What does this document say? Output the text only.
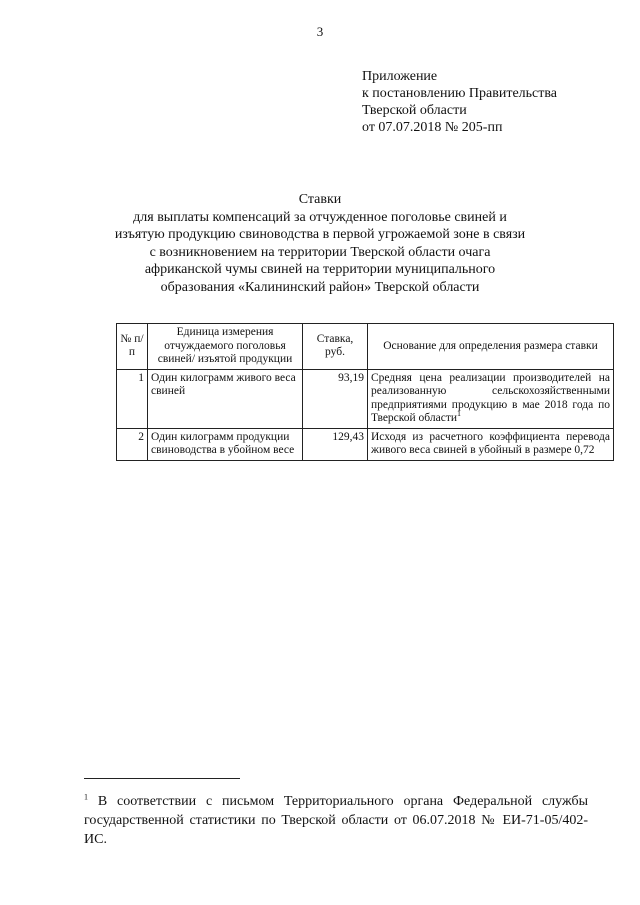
3
Приложение
к постановлению Правительства
Тверской области
от 07.07.2018 № 205-пп
Ставки
для выплаты компенсаций за отчужденное поголовье свиней и изъятую продукцию свиноводства в первой угрожаемой зоне в связи с возникновением на территории Тверской области очага африканской чумы свиней на территории муниципального образования «Калининский район» Тверской области
№ п/п	Единица измерения отчуждаемого поголовья свиней/ изъятой продукции	Ставка, руб.	Основание для определения размера ставки
1	Один килограмм живого веса свиней	93,19	Средняя цена реализации производителей на реализованную сельскохозяйственными предприятиями продукцию в мае 2018 года по Тверской области$^1$
2	Один килограмм продукции свиноводства в убойном весе	129,43	Исходя из расчетного коэффициента перевода живого веса свиней в убойный в размере 0,72
$^1$ В соответствии с письмом Территориального органа Федеральной службы государственной статистики по Тверской области от 06.07.2018 № ЕИ-71-05/402-ИС.
